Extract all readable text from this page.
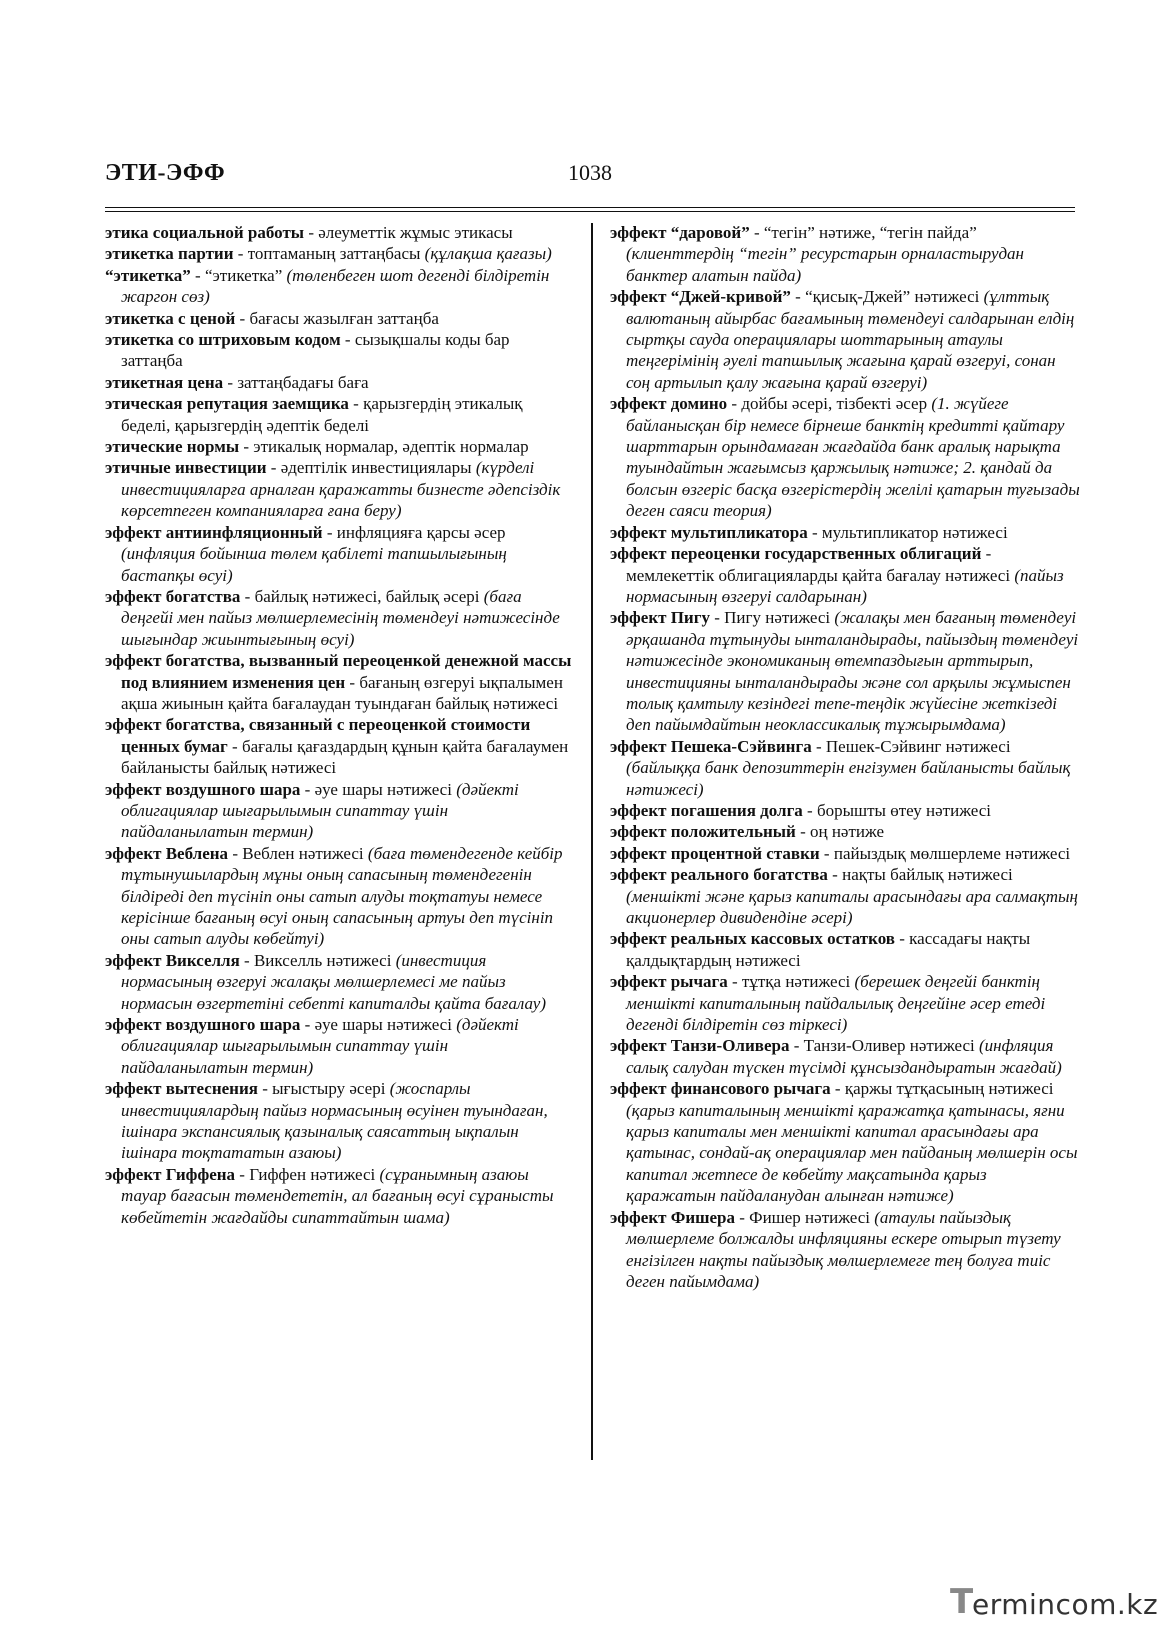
ЭТИ-ЭФФ	1038
этика социальной работы - әлеуметтік жұмыс этикасы
этикетка партии - топтаманың заттаңбасы (құлақша қағазы)
“этикетка” - “этикетка” (төленбеген шот дегенді білдіретін жаргон сөз)
этикетка с ценой - бағасы жазылған заттаңба
этикетка со штриховым кодом - сызықшалы коды бар заттаңба
этикетная цена - заттаңбадағы баға
этическая репутация заемщика - қарызгердің этикалық беделі, қарызгердің әдептік беделі
этические нормы - этикалық нормалар, әдептік нормалар
этичные инвестиции - әдептілік инвестициялары (күрделі инвестицияларға арналған қаражатты бизнесте әдепсіздік көрсетпеген компанияларға ғана беру)
эффект антиинфляционный - инфляцияға қарсы әсер (инфляция бойынша төлем қабілеті тапшылығының бастапқы өсуі)
эффект богатства - байлық нәтижесі, байлық әсері (баға деңгейі мен пайыз мөлшерлемесінің төмендеуі нәтижесінде шығындар жиынтығының өсуі)
эффект богатства, вызванный переоценкой денежной массы под влиянием изменения цен - бағаның өзгеруі ықпалымен ақша жиынын қайта бағалаудан туындаған байлық нәтижесі
эффект богатства, связанный с переоценкой стоимости ценных бумаг - бағалы қағаздардың құнын қайта бағалаумен байланысты байлық нәтижесі
эффект воздушного шара - әуе шары нәтижесі (дәйекті облигациялар шығарылымын сипаттау үшін пайдаланылатын термин)
эффект Веблена - Веблен нәтижесі (баға төмендегенде кейбір тұтынушылардың мұны оның сапасының төмендегенін білдіреді деп түсініп оны сатып алуды тоқтатуы немесе керісінше бағаның өсуі оның сапасының артуы деп түсініп оны сатып алуды көбейтуі)
эффект Викселля - Викселль нәтижесі (инвестиция нормасының өзгеруі жалақы мөлшерлемесі ме пайыз нормасын өзгертетіні себепті капиталды қайта бағалау)
эффект воздушного шара - әуе шары нәтижесі (дәйекті облигациялар шығарылымын сипаттау үшін пайдаланылатын термин)
эффект вытеснения - ығыстыру әсері (жоспарлы инвестициялардың пайыз нормасының өсуінен туындаған, ішінара экспансиялық қазыналық саясаттың ықпалын ішінара тоқтататын азаюы)
эффект Гиффена - Гиффен нәтижесі (сұранымның азаюы тауар бағасын төмендететін, ал бағаның өсуі сұранысты көбейтетін жағдайды сипаттайтын шама)
эффект “даровой” - “тегін” нәтиже, “тегін пайда” (клиенттердің “тегін” ресурстарын орналастырудан банктер алатын пайда)
эффект “Джей-кривой” - “қисық-Джей” нәтижесі (ұлттық валютаның айырбас бағамының төмендеуі салдарынан елдің сыртқы сауда операциялары шоттарының атаулы теңгерімінің әуелі тапшылық жағына қарай өзгеруі, сонан соң артылып қалу жағына қарай өзгеруі)
эффект домино - дойбы әсері, тізбекті әсер (1. жүйеге байланысқан бір немесе бірнеше банктің кредитті қайтару шарттарын орындамаған жағдайда банк аралық нарықта туындайтын жағымсыз қаржылық нәтиже; 2. қандай да болсын өзгеріс басқа өзгерістердің желілі қатарын туғызады деген саяси теория)
эффект мультипликатора - мультипликатор нәтижесі
эффект переоценки государственных облигаций - мемлекеттік облигацияларды қайта бағалау нәтижесі (пайыз нормасының өзгеруі салдарынан)
эффект Пигу - Пигу нәтижесі (жалақы мен бағаның төмендеуі әрқашанда тұтынуды ынталандырады, пайыздың төмендеуі нәтижесінде экономиканың өтемпаздығын арттырып, инвестицияны ынталандырады және сол арқылы жұмыспен толық қамтылу кезіндегі тепе-теңдік жүйесіне жеткізеді деп пайымдайтын неоклассикалық тұжырымдама)
эффект Пешека-Сэйвинга - Пешек-Сэйвинг нәтижесі (байлыққа банк депозиттерін енгізумен байланысты байлық нәтижесі)
эффект погашения долга - борышты өтеу нәтижесі
эффект положительный - оң нәтиже
эффект процентной ставки - пайыздық мөлшерлеме нәтижесі
эффект реального богатства - нақты байлық нәтижесі (меншікті және қарыз капиталы арасындағы ара салмақтың акционерлер дивидендіне әсері)
эффект реальных кассовых остатков - кассадағы нақты қалдықтардың нәтижесі
эффект рычага - тұтқа нәтижесі (берешек деңгейі банктің меншікті капиталының пайдалылық деңгейіне әсер етеді дегенді білдіретін сөз тіркесі)
эффект Танзи-Оливера - Танзи-Оливер нәтижесі (инфляция салық салудан түскен түсімді құнсыздандыратын жағдай)
эффект финансового рычага - қаржы тұтқасының нәтижесі (қарыз капиталының меншікті қаражатқа қатынасы, яғни қарыз капиталы мен меншікті капитал арасындағы ара қатынас, сондай-ақ операциялар мен пайданың мөлшерін осы капитал жетпесе де көбейту мақсатында қарыз қаражатын пайдаланудан алынған нәтиже)
эффект Фишера - Фишер нәтижесі (атаулы пайыздық мөлшерлеме болжалды инфляцияны ескере отырып түзету енгізілген нақты пайыздық мөлшерлемеге тең болуға тиіс деген пайымдама)
T
ermincom.kz
